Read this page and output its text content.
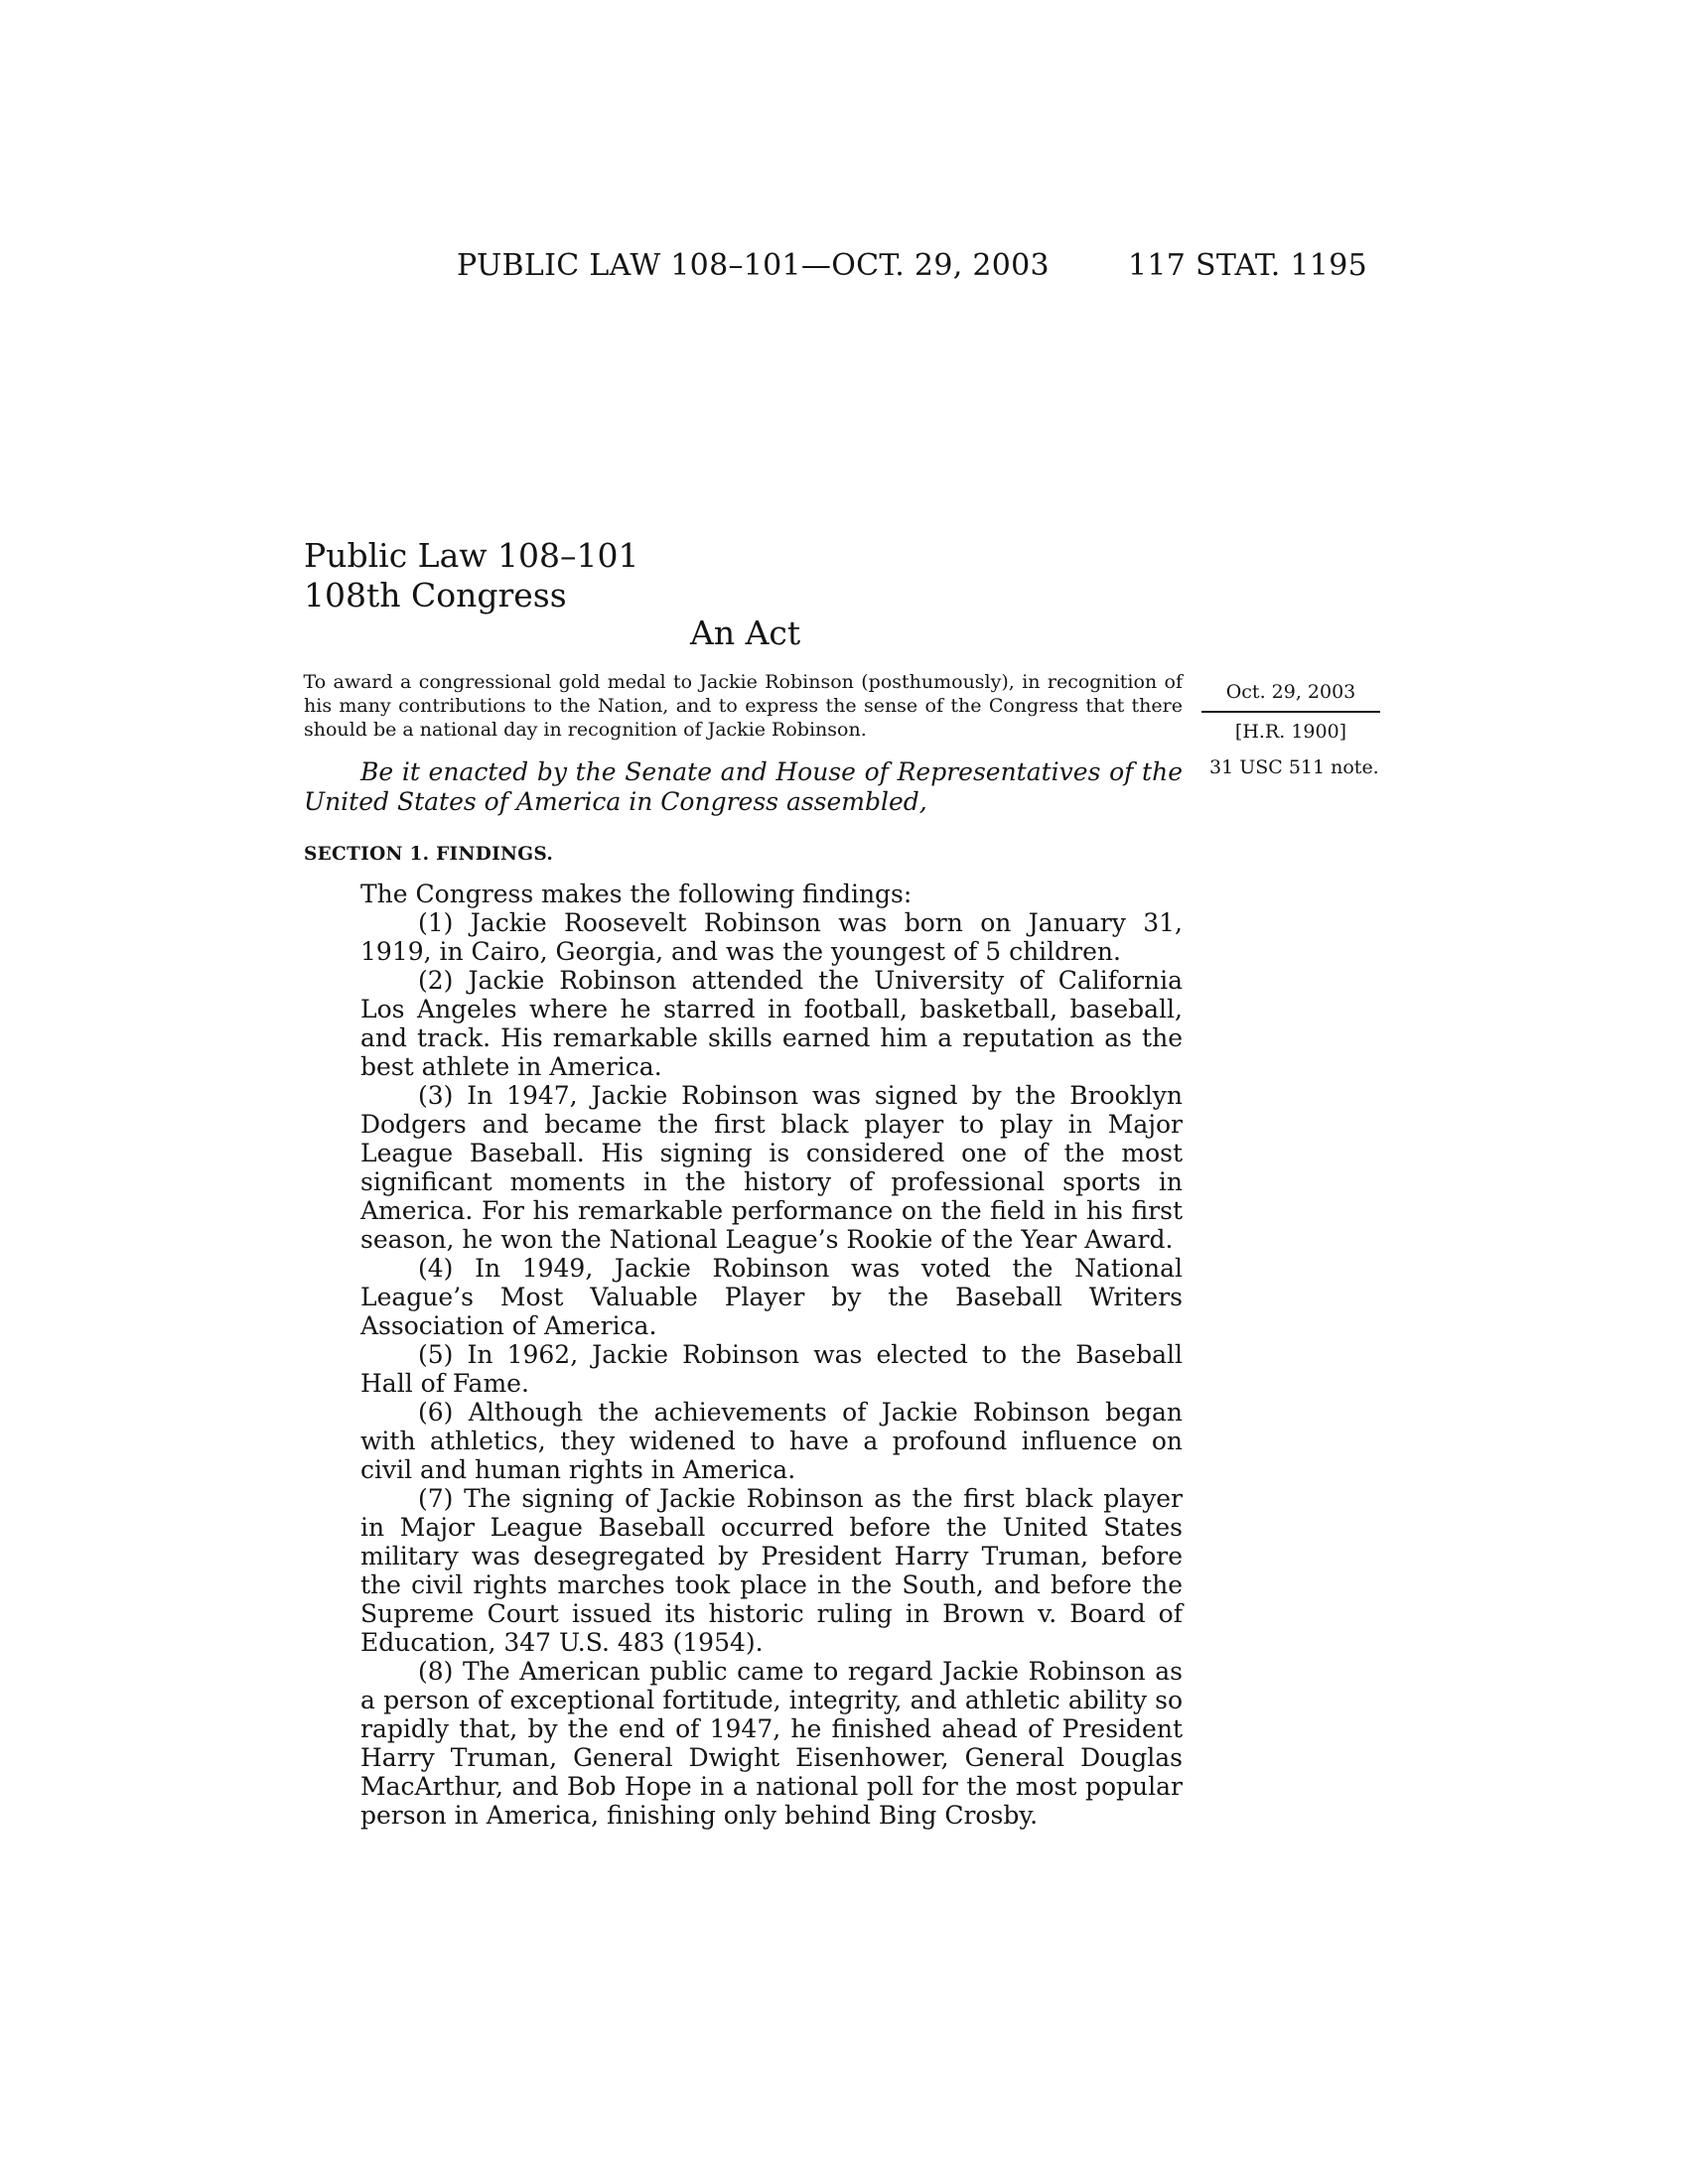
PUBLIC LAW 108–101—OCT. 29, 2003	117 STAT. 1195
Public Law 108–101
108th Congress
An Act
To award a congressional gold medal to Jackie Robinson (posthumously), in recognition of his many contributions to the Nation, and to express the sense of the Congress that there should be a national day in recognition of Jackie Robinson.
Oct. 29, 2003
[H.R. 1900]
31 USC 511 note.
Be it enacted by the Senate and House of Representatives of the United States of America in Congress assembled,
SECTION 1. FINDINGS.

The Congress makes the following findings:

(1) Jackie Roosevelt Robinson was born on January 31, 1919, in Cairo, Georgia, and was the youngest of 5 children.

(2) Jackie Robinson attended the University of California Los Angeles where he starred in football, basketball, baseball, and track. His remarkable skills earned him a reputation as the best athlete in America.

(3) In 1947, Jackie Robinson was signed by the Brooklyn Dodgers and became the first black player to play in Major League Baseball. His signing is considered one of the most significant moments in the history of professional sports in America. For his remarkable performance on the field in his first season, he won the National League’s Rookie of the Year Award.

(4) In 1949, Jackie Robinson was voted the National League’s Most Valuable Player by the Baseball Writers Association of America.

(5) In 1962, Jackie Robinson was elected to the Baseball Hall of Fame.

(6) Although the achievements of Jackie Robinson began with athletics, they widened to have a profound influence on civil and human rights in America.

(7) The signing of Jackie Robinson as the first black player in Major League Baseball occurred before the United States military was desegregated by President Harry Truman, before the civil rights marches took place in the South, and before the Supreme Court issued its historic ruling in Brown v. Board of Education, 347 U.S. 483 (1954).

(8) The American public came to regard Jackie Robinson as a person of exceptional fortitude, integrity, and athletic ability so rapidly that, by the end of 1947, he finished ahead of President Harry Truman, General Dwight Eisenhower, General Douglas MacArthur, and Bob Hope in a national poll for the most popular person in America, finishing only behind Bing Crosby.
